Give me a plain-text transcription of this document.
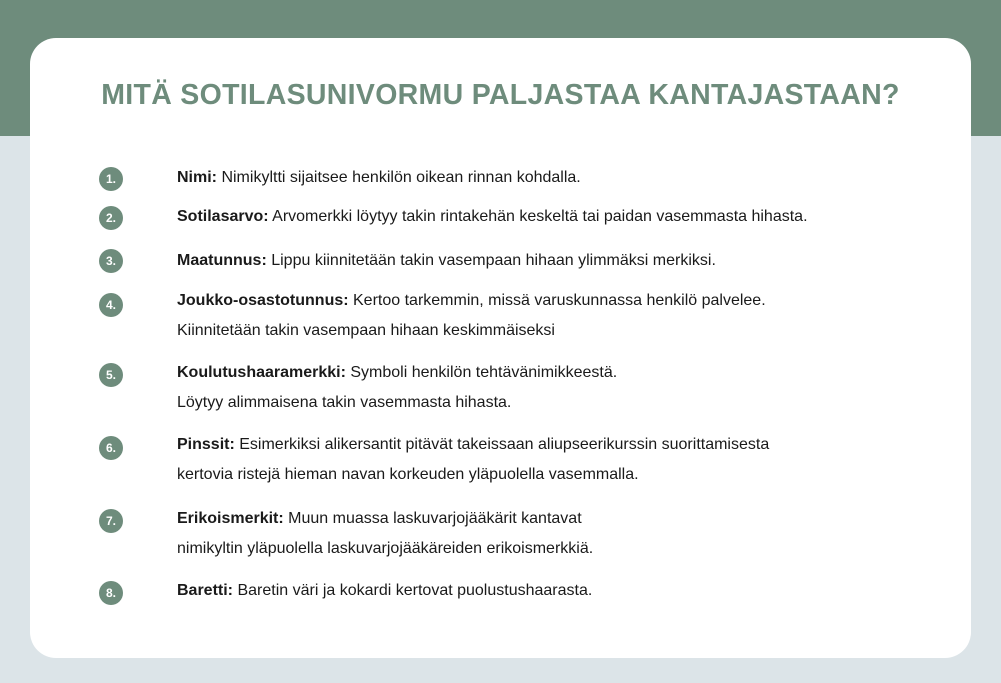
MITÄ SOTILASUNIVORMU PALJASTAA KANTAJASTAAN?
1.	Nimi: Nimikyltti sijaitsee henkilön oikean rinnan kohdalla.
2.	Sotilasarvo: Arvomerkki löytyy takin rintakehän keskeltä tai paidan vasemmasta hihasta.
3.	Maatunnus: Lippu kiinnitetään takin vasempaan hihaan ylimmäksi merkiksi.
4.	Joukko-osastotunnus: Kertoo tarkemmin, missä varuskunnassa henkilö palvelee.
Kiinnitetään takin vasempaan hihaan keskimmäiseksi
5.	Koulutushaaramerkki: Symboli henkilön tehtävänimikkeestä.
Löytyy alimmaisena takin vasemmasta hihasta.
6.	Pinssit: Esimerkiksi alikersantit pitävät takeissaan aliupseerikurssin suorittamisesta
kertovia ristejä hieman navan korkeuden yläpuolella vasemmalla.
7.	Erikoismerkit: Muun muassa laskuvarjojääkärit kantavat
nimikyltin yläpuolella laskuvarjojääkäreiden erikoismerkkiä.
8.	Baretti: Baretin väri ja kokardi kertovat puolustushaarasta.
